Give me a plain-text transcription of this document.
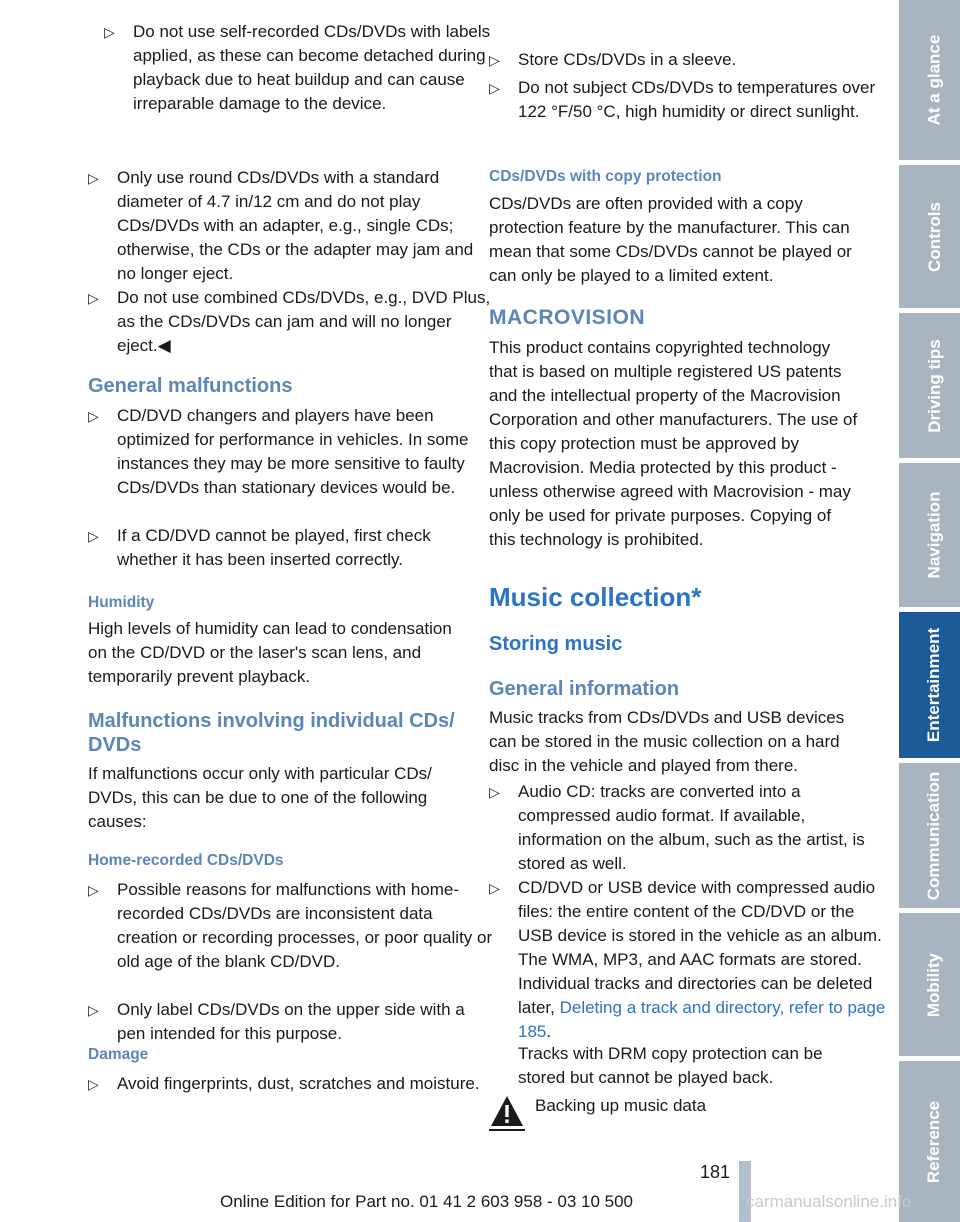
▷ Do not use self-recorded CDs/DVDs with labels applied, as these can become detached during playback due to heat buildup and can cause irreparable damage to the device.
▷ Only use round CDs/DVDs with a standard diameter of 4.7 in/12 cm and do not play CDs/DVDs with an adapter, e.g., single CDs; otherwise, the CDs or the adapter may jam and no longer eject.
▷ Do not use combined CDs/DVDs, e.g., DVD Plus, as the CDs/DVDs can jam and will no longer eject.◀
General malfunctions
▷ CD/DVD changers and players have been optimized for performance in vehicles. In some instances they may be more sensitive to faulty CDs/DVDs than stationary devices would be.
▷ If a CD/DVD cannot be played, first check whether it has been inserted correctly.
Humidity

High levels of humidity can lead to condensation on the CD/DVD or the laser's scan lens, and temporarily prevent playback.

Malfunctions involving individual CDs/ DVDs

If malfunctions occur only with particular CDs/ DVDs, this can be due to one of the following causes:

Home-recorded CDs/DVDs
▷ Possible reasons for malfunctions with home-recorded CDs/DVDs are inconsistent data creation or recording processes, or poor quality or old age of the blank CD/DVD.
▷ Only label CDs/DVDs on the upper side with a pen intended for this purpose.
Damage
▷ Avoid fingerprints, dust, scratches and moisture.
▷ Store CDs/DVDs in a sleeve.
▷ Do not subject CDs/DVDs to temperatures over 122 °F/50 °C, high humidity or direct sunlight.
CDs/DVDs with copy protection

CDs/DVDs are often provided with a copy protection feature by the manufacturer. This can mean that some CDs/DVDs cannot be played or can only be played to a limited extent.

MACROVISION

This product contains copyrighted technology that is based on multiple registered US patents and the intellectual property of the Macrovision Corporation and other manufacturers. The use of this copy protection must be approved by Macrovision. Media protected by this product - unless otherwise agreed with Macrovision - may only be used for private purposes. Copying of this technology is prohibited.

Music collection*
Storing music
General information

Music tracks from CDs/DVDs and USB devices can be stored in the music collection on a hard disc in the vehicle and played from there.

▷ Audio CD: tracks are converted into a compressed audio format. If available, information on the album, such as the artist, is stored as well.
▷ CD/DVD or USB device with compressed audio files: the entire content of the CD/DVD or the USB device is stored in the vehicle as an album. The WMA, MP3, and AAC formats are stored. Individual tracks and directories can be deleted later, Deleting a track and directory, refer to page 185.

Tracks with DRM copy protection can be stored but cannot be played back.

Backing up music data

At a glance
Controls
Driving tips
Navigation
Entertainment
Communication
Mobility
Reference
181
Online Edition for Part no. 01 41 2 603 958 - 03 10 500	carmanualsonline.info
